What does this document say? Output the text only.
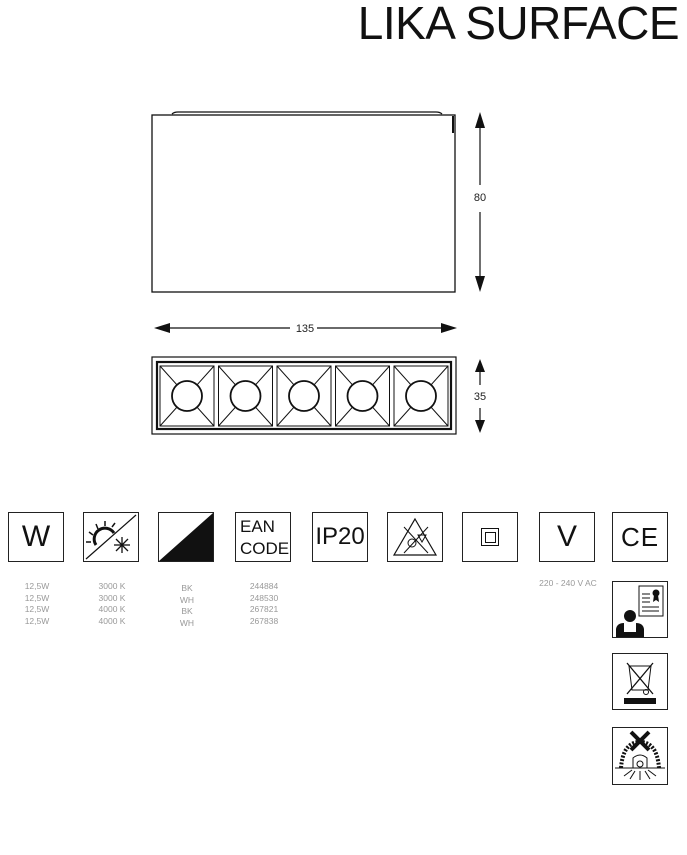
LIKA SURFACE
80
135
35
W	EAN
CODE IP20	V CE
12,5W
12,5W
12,5W
12,5W
3000 K
3000 K
4000 K
4000 K
BK
WH
BK
WH
244884
248530
267821
267838
220 - 240 V AC
